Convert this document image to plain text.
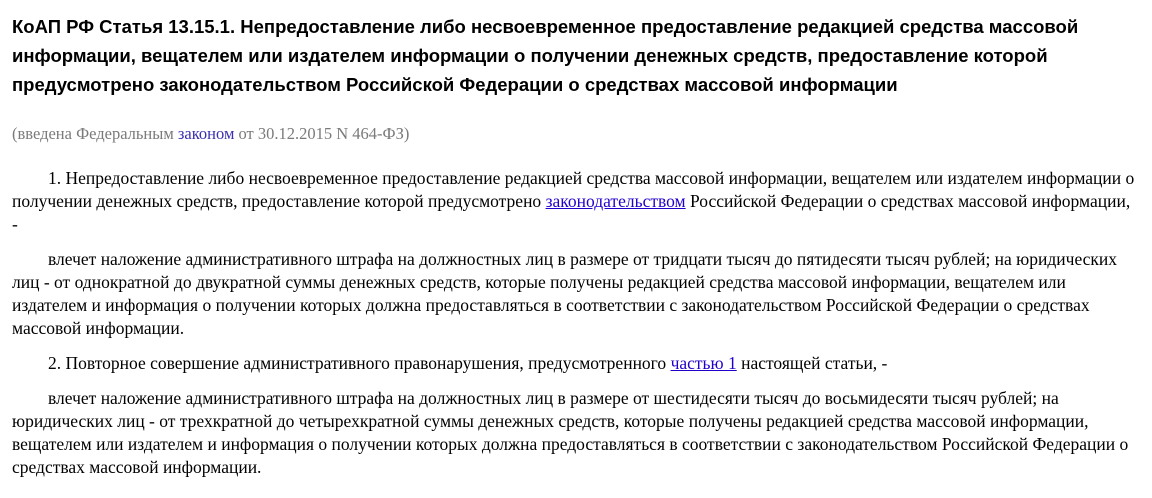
КоАП РФ Статья 13.15.1. Непредоставление либо несвоевременное предоставление редакцией средства массовой информации, вещателем или издателем информации о получении денежных средств, предоставление которой предусмотрено законодательством Российской Федерации о средствах массовой информации
(введена Федеральным законом от 30.12.2015 N 464-ФЗ)

1. Непредоставление либо несвоевременное предоставление редакцией средства массовой информации, вещателем или издателем информации о получении денежных средств, предоставление которой предусмотрено законодательством Российской Федерации о средствах массовой информации, -

влечет наложение административного штрафа на должностных лиц в размере от тридцати тысяч до пятидесяти тысяч рублей; на юридических лиц - от однократной до двукратной суммы денежных средств, которые получены редакцией средства массовой информации, вещателем или издателем и информация о получении которых должна предоставляться в соответствии с законодательством Российской Федерации о средствах массовой информации.

2. Повторное совершение административного правонарушения, предусмотренного частью 1 настоящей статьи, -

влечет наложение административного штрафа на должностных лиц в размере от шестидесяти тысяч до восьмидесяти тысяч рублей; на юридических лиц - от трехкратной до четырехкратной суммы денежных средств, которые получены редакцией средства массовой информации, вещателем или издателем и информация о получении которых должна предоставляться в соответствии с законодательством Российской Федерации о средствах массовой информации.
